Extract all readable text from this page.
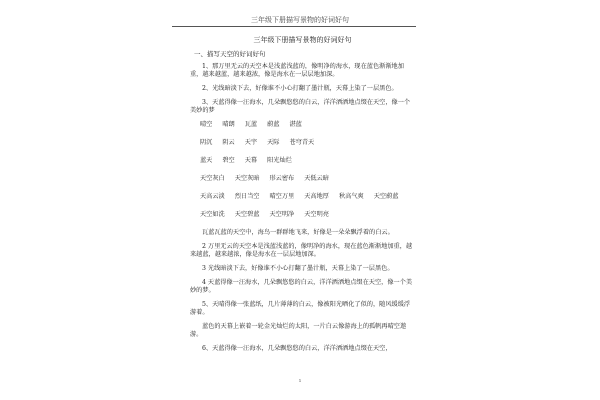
三年级下册描写景物的好词好句
三年级下册描写景物的好词好句
一、描写天空的好词好句

1、那万里无云的天空本是浅蓝浅蓝的，像明净的海水，现在蓝色渐渐地加重，越来越蓝，越来越浓，像是海水在一层层地加深。

2、光线暗淡下去，好像谁不小心打翻了墨汁瓶，天幕上染了一层黑色。

3、天蓝得像一汪海水，几朵飘悠悠的白云，洋洋洒洒地点缀在天空，像一个美妙的梦

晴空 晴朗 瓦蓝 蔚蓝 湛蓝
阴沉 阴云 天宇 天际 苍穹青天
蓝天 碧空 天幕 阳光灿烂
天空灰白 天空灰暗 形云密布 天低云暗
天高云淡 烈日当空 晴空万里 天高地厚 秋高气爽 天空蔚蓝
天空如洗 天空碧蓝 天空明净 天空明亮

瓦蓝瓦蓝的天空中，海鸟一群群地飞来，好像是一朵朵飘浮着的白云。

2 万里无云的天空本是浅蓝浅蓝的，像明净的海水，现在蓝色渐渐地加重，越来越蓝，越来越浓，像是海水在一层层地加深。

3 光线暗淡下去，好像谁不小心打翻了墨汁瓶，天幕上染了一层黑色。

4 天蓝得像一汪海水，几朵飘悠悠的白云，洋洋洒洒地点缀在天空，像一个美妙的梦。

5、天晴得像一张蓝纸，几片薄薄的白云，像被阳光晒化了似的，随风缓缓浮游着。

蓝色的天幕上嵌着一轮金光灿烂的太阳，一片白云像游海上的孤帆再晴空遨游。

6、天蓝得像一汪海水，几朵飘悠悠的白云，洋洋洒洒地点缀在天空，

1
